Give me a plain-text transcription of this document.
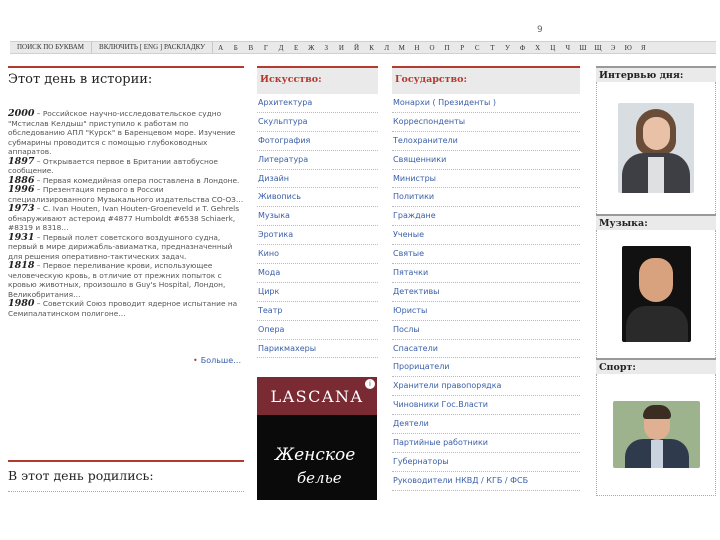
9
ПОИСК ПО БУКВАМ	ВКЛЮЧИТЬ [ ENG ] РАСКЛАДКУ	А	Б	В	Г	Д	Е	Ж	З	И	Й	К	Л	М	Н	О	П	Р	С	Т	У	Ф	Х	Ц	Ч	Ш	Щ	Э	Ю	Я
Этот день в истории:
2000 – Российское научно-исследовательское судно "Мстислав Келдыш" приступило к работам по обследованию АПЛ "Курск" в Баренцевом море. Изучение субмарины проводится с помощью глубоководных аппаратов.
1897 – Открывается первое в Британии автобусное сообщение.
1886 – Первая комедийная опера поставлена в Лондоне.
1996 – Презентация первого в России специализированного Музыкального издательства СО-ОЗ…
1973 – C. Ivan Houten, Ivan Houten-Groeneveld и T. Gehrels обнаруживают астероид #4877 Humboldt #6538 Schiaerk, #8319 и 8318…
1931 – Первый полет советского воздушного судна, первый в мире дирижабль-авиаматка, предназначенный для решения оперативно-тактических задач.
1818 – Первое переливание крови, использующее человеческую кровь, в отличие от прежних попыток с кровью животных, произошло в Guy's Hospital, Лондон, Великобритания…
1980 – Советский Союз проводит ядерное испытание на Семипалатинском полигоне…
• Больше…
В этот день родились:
Искусство:
Архитектура
Скульптура
Фотография
Литература
Дизайн
Живопись
Музыка
Эротика
Кино
Мода
Цирк
Театр
Опера
Парикмахеры
LASCANA
i
Женское
белье
Государство:
Монархи ( Президенты )
Корреспонденты
Телохранители
Священники
Министры
Политики
Граждане
Ученые
Святые
Пятачки
Детективы
Юристы
Послы
Спасатели
Прорицатели
Хранители правопорядка
Чиновники Гос.Власти
Деятели
Партийные работники
Губернаторы
Руководители НКВД / КГБ / ФСБ
Интервью дня:
Музыка:
Спорт:
